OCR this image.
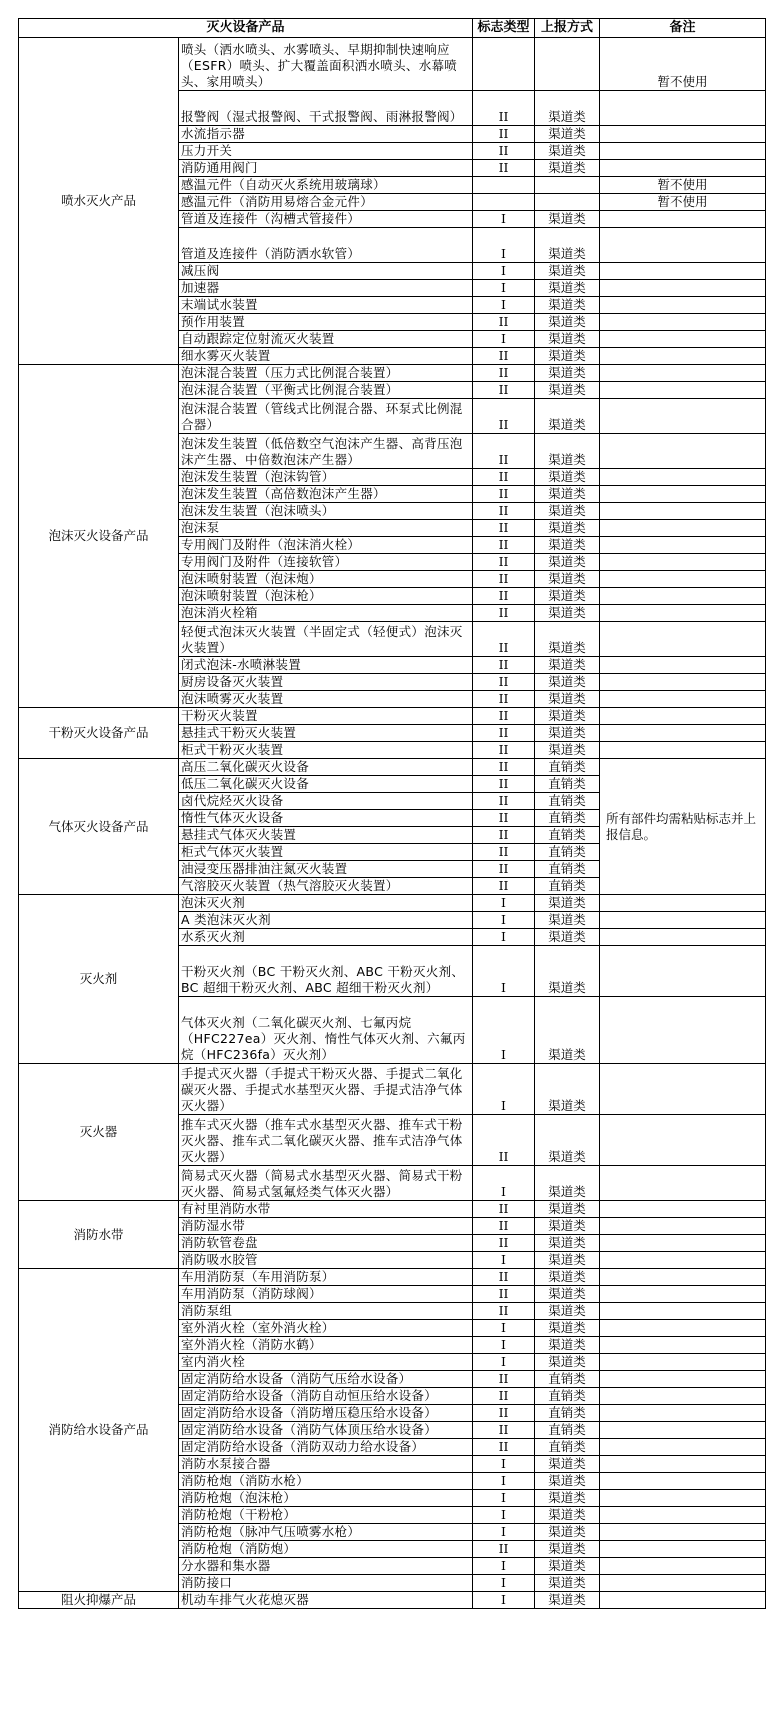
灭火设备产品		标志类型	上报方式	备注
喷水灭火产品	喷头（洒水喷头、水雾喷头、早期抑制快速响应（ESFR）喷头、扩大覆盖面积洒水喷头、水幕喷头、家用喷头）			暂不使用
	报警阀（湿式报警阀、干式报警阀、雨淋报警阀）	II	渠道类	
	水流指示器	II	渠道类	
	压力开关	II	渠道类	
	消防通用阀门	II	渠道类	
	感温元件（自动灭火系统用玻璃球）			暂不使用
	感温元件（消防用易熔合金元件）			暂不使用
	管道及连接件（沟槽式管接件）	I	渠道类	
	管道及连接件（消防洒水软管）	I	渠道类	
	减压阀	I	渠道类	
	加速器	I	渠道类	
	末端试水装置	I	渠道类	
	预作用装置	II	渠道类	
	自动跟踪定位射流灭火装置	I	渠道类	
	细水雾灭火装置	II	渠道类	
泡沫灭火设备产品	泡沫混合装置（压力式比例混合装置）	II	渠道类	
	泡沫混合装置（平衡式比例混合装置）	II	渠道类	
	泡沫混合装置（管线式比例混合器、环泵式比例混合器）	II	渠道类	
	泡沫发生装置（低倍数空气泡沫产生器、高背压泡沫产生器、中倍数泡沫产生器）	II	渠道类	
	泡沫发生装置（泡沫钩管）	II	渠道类	
	泡沫发生装置（高倍数泡沫产生器）	II	渠道类	
	泡沫发生装置（泡沫喷头）	II	渠道类	
	泡沫泵	II	渠道类	
	专用阀门及附件（泡沫消火栓）	II	渠道类	
	专用阀门及附件（连接软管）	II	渠道类	
	泡沫喷射装置（泡沫炮）	II	渠道类	
	泡沫喷射装置（泡沫枪）	II	渠道类	
	泡沫消火栓箱	II	渠道类	
	轻便式泡沫灭火装置（半固定式（轻便式）泡沫灭火装置）	II	渠道类	
	闭式泡沫-水喷淋装置	II	渠道类	
	厨房设备灭火装置	II	渠道类	
	泡沫喷雾灭火装置	II	渠道类	
干粉灭火设备产品	干粉灭火装置	II	渠道类	
	悬挂式干粉灭火装置	II	渠道类	
	柜式干粉灭火装置	II	渠道类	
气体灭火设备产品	高压二氧化碳灭火设备	II	直销类	所有部件均需粘贴标志并上报信息。
	低压二氧化碳灭火设备	II	直销类	
	卤代烷烃灭火设备	II	直销类	
	惰性气体灭火设备	II	直销类	
	悬挂式气体灭火装置	II	直销类	
	柜式气体灭火装置	II	直销类	
	油浸变压器排油注氮灭火装置	II	直销类	
	气溶胶灭火装置（热气溶胶灭火装置）	II	直销类	
灭火剂	泡沫灭火剂	I	渠道类	
	A 类泡沫灭火剂	I	渠道类	
	水系灭火剂	I	渠道类	
	干粉灭火剂（BC 干粉灭火剂、ABC 干粉灭火剂、BC 超细干粉灭火剂、ABC 超细干粉灭火剂）	I	渠道类	
	气体灭火剂（二氧化碳灭火剂、七氟丙烷（HFC227ea）灭火剂、惰性气体灭火剂、六氟丙烷（HFC236fa）灭火剂）	I	渠道类	
灭火器	手提式灭火器（手提式干粉灭火器、手提式二氧化碳灭火器、手提式水基型灭火器、手提式洁净气体灭火器）	I	渠道类	
	推车式灭火器（推车式水基型灭火器、推车式干粉灭火器、推车式二氧化碳灭火器、推车式洁净气体灭火器）	II	渠道类	
	简易式灭火器（简易式水基型灭火器、简易式干粉灭火器、简易式氢氟烃类气体灭火器）	I	渠道类	
消防水带	有衬里消防水带	II	渠道类	
	消防湿水带	II	渠道类	
	消防软管卷盘	II	渠道类	
	消防吸水胶管	I	渠道类	
消防给水设备产品	车用消防泵（车用消防泵）	II	渠道类	
	车用消防泵（消防球阀）	II	渠道类	
	消防泵组	II	渠道类	
	室外消火栓（室外消火栓）	I	渠道类	
	室外消火栓（消防水鹤）	I	渠道类	
	室内消火栓	I	渠道类	
	固定消防给水设备（消防气压给水设备）	II	直销类	
	固定消防给水设备（消防自动恒压给水设备）	II	直销类	
	固定消防给水设备（消防增压稳压给水设备）	II	直销类	
	固定消防给水设备（消防气体顶压给水设备）	II	直销类	
	固定消防给水设备（消防双动力给水设备）	II	直销类	
	消防水泵接合器	I	渠道类	
	消防枪炮（消防水枪）	I	渠道类	
	消防枪炮（泡沫枪）	I	渠道类	
	消防枪炮（干粉枪）	I	渠道类	
	消防枪炮（脉冲气压喷雾水枪）	I	渠道类	
	消防枪炮（消防炮）	II	渠道类	
	分水器和集水器	I	渠道类	
	消防接口	I	渠道类	
阻火抑爆产品	机动车排气火花熄灭器	I	渠道类	
